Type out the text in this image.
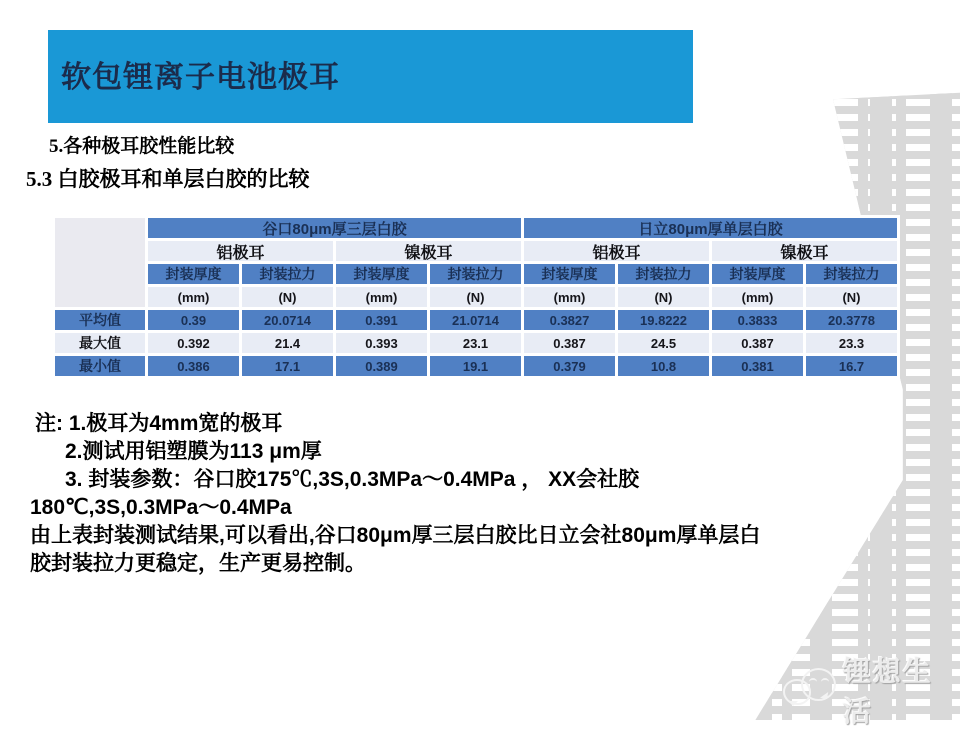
软包锂离子电池极耳
5.各种极耳胶性能比较
5.3 白胶极耳和单层白胶的比较
谷口80μm厚三层白胶	日立80μm厚单层白胶
铝极耳	镍极耳	铝极耳	镍极耳
封装厚度	封装拉力	封装厚度	封装拉力	封装厚度	封装拉力	封装厚度	封装拉力
(mm)	(N)	(mm)	(N)	(mm)	(N)	(mm)	(N)
平均值	0.39	20.0714	0.391	21.0714	0.3827	19.8222	0.3833	20.3778
最大值	0.392	21.4	0.393	23.1	0.387	24.5	0.387	23.3
最小值	0.386	17.1	0.389	19.1	0.379	10.8	0.381	16.7
注: 1.极耳为4mm宽的极耳
2.测试用铝塑膜为113 μm厚
3. 封装参数：谷口胶175℃,3S,0.3MPa～0.4MPa ， XX会社胶
180℃,3S,0.3MPa～0.4MPa
由上表封装测试结果,可以看出,谷口80μm厚三层白胶比日立会社80μm厚单层白
胶封装拉力更稳定，生产更易控制。
锂想生活
